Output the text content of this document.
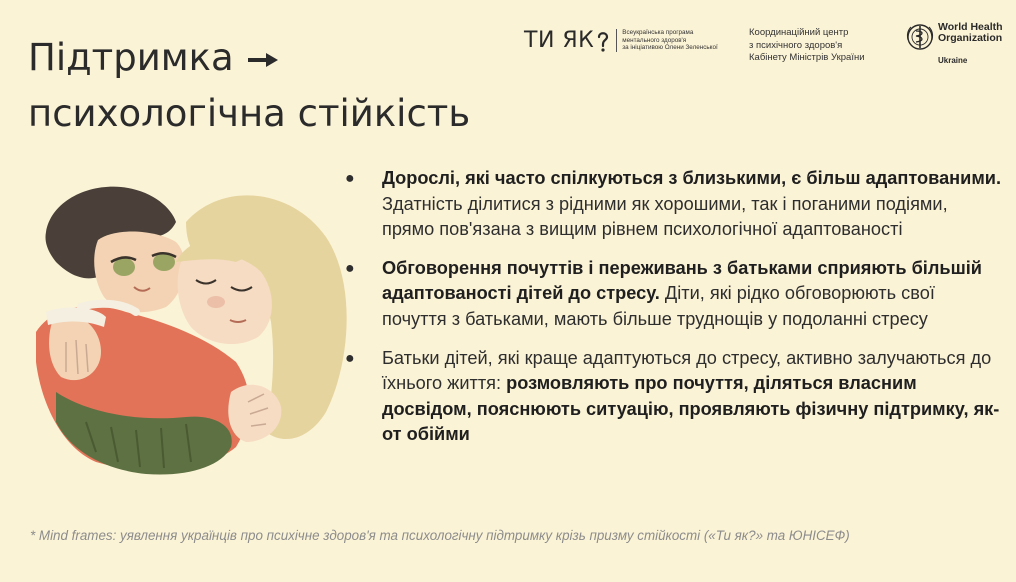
Підтримка
психологічна стійкість
ТИ ЯК	Всеукраїнська програма
ментального здоров'я
за ініціативою Олени Зеленської
Координаційний центр
з психічного здоров'я
Кабінету Міністрів України
World Health
Organization
Ukraine
● Дорослі, які часто спілкуються з близькими, є більш адаптованими. Здатність ділитися з рідними як хорошими, так і поганими подіями, прямо пов'язана з вищим рівнем психологічної адаптованості
● Обговорення почуттів і переживань з батьками сприяють більшій адаптованості дітей до стресу. Діти, які рідко обговорюють свої почуття з батьками, мають більше труднощів у подоланні стресу
● Батьки дітей, які краще адаптуються до стресу, активно залучаються до їхнього життя: розмовляють про почуття, діляться власним досвідом, пояснюють ситуацію, проявляють фізичну підтримку, як-от обійми
* Mind frames: уявлення українців про психічне здоров'я та психологічну підтримку крізь призму стійкості («Ти як?» та ЮНІСЕФ)
